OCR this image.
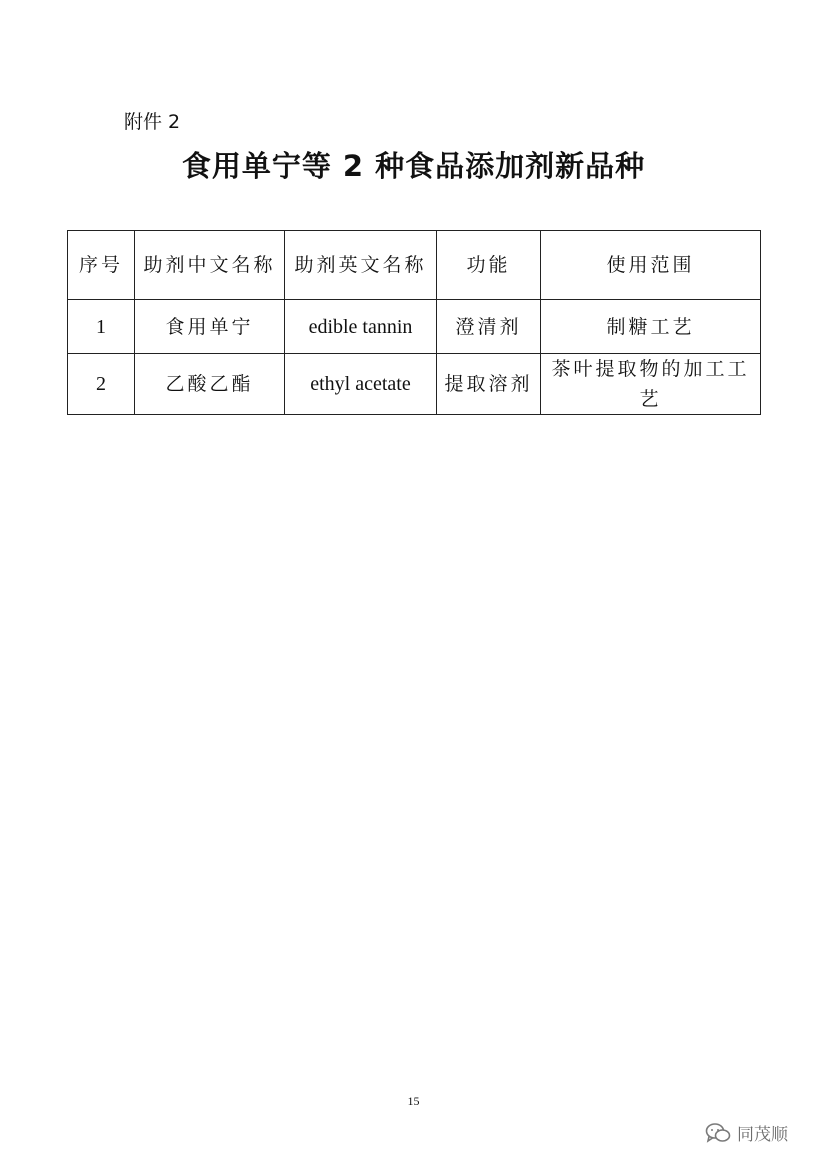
附件 2
食用单宁等 2 种食品添加剂新品种
序号	助剂中文名称	助剂英文名称	功能	使用范围
1	食用单宁	edible tannin	澄清剂	制糖工艺
2	乙酸乙酯	ethyl acetate	提取溶剂	茶叶提取物的加工工艺
15
同茂顺
